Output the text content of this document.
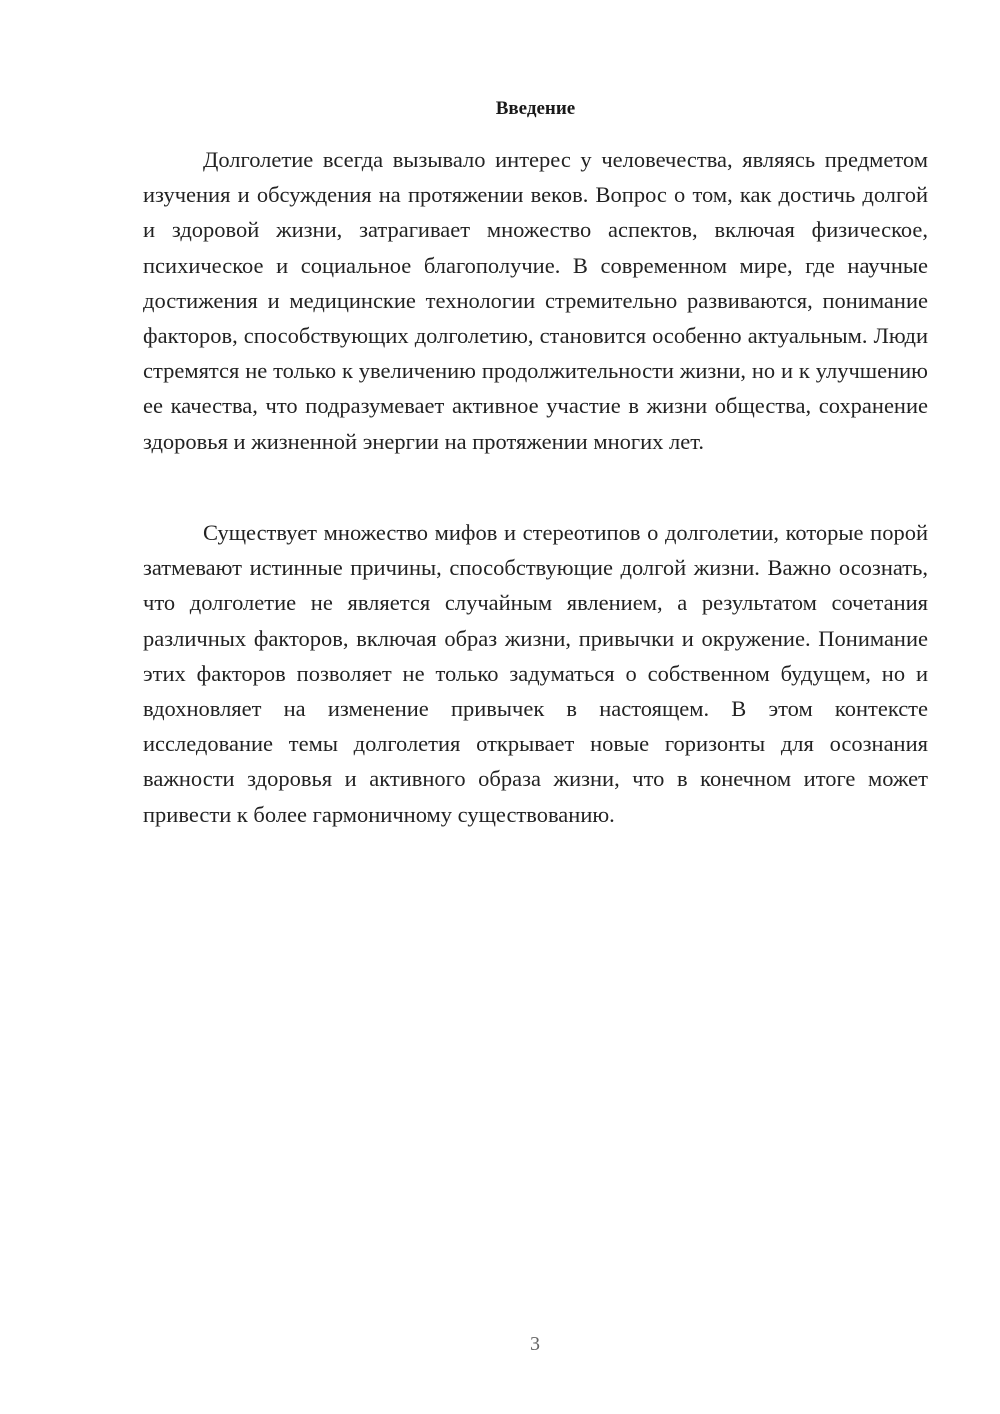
Введение

Долголетие всегда вызывало интерес у человечества, являясь предметом изучения и обсуждения на протяжении веков. Вопрос о том, как достичь долгой и здоровой жизни, затрагивает множество аспектов, включая физическое, психическое и социальное благополучие. В современном мире, где научные достижения и медицинские технологии стремительно развиваются, понимание факторов, способствующих долголетию, становится особенно актуальным. Люди стремятся не только к увеличению продолжительности жизни, но и к улучшению ее качества, что подразумевает активное участие в жизни общества, сохранение здоровья и жизненной энергии на протяжении многих лет.

Существует множество мифов и стереотипов о долголетии, которые порой затмевают истинные причины, способствующие долгой жизни. Важно осознать, что долголетие не является случайным явлением, а результатом сочетания различных факторов, включая образ жизни, привычки и окружение. Понимание этих факторов позволяет не только задуматься о собственном будущем, но и вдохновляет на изменение привычек в настоящем. В этом контексте исследование темы долголетия открывает новые горизонты для осознания важности здоровья и активного образа жизни, что в конечном итоге может привести к более гармоничному существованию.

3
